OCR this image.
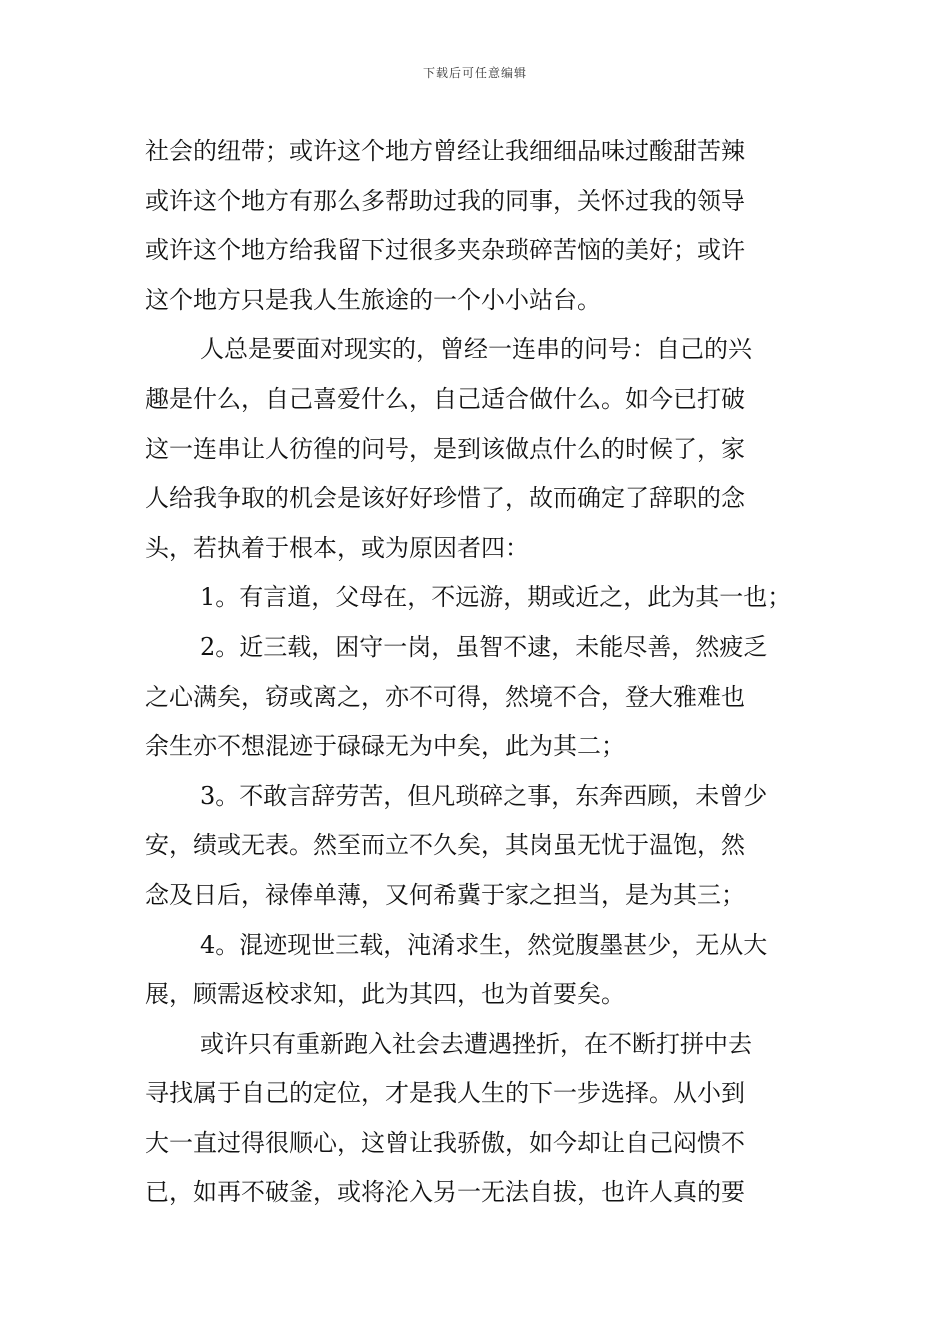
下载后可任意编辑
社会的纽带；或许这个地方曾经让我细细品味过酸甜苦辣
或许这个地方有那么多帮助过我的同事，关怀过我的领导
或许这个地方给我留下过很多夹杂琐碎苦恼的美好；或许
这个地方只是我人生旅途的一个小小站台。
人总是要面对现实的，曾经一连串的问号：自己的兴
趣是什么，自己喜爱什么，自己适合做什么。如今已打破
这一连串让人彷徨的问号，是到该做点什么的时候了，家
人给我争取的机会是该好好珍惜了，故而确定了辞职的念
头，若执着于根本，或为原因者四：
1。有言道，父母在，不远游，期或近之，此为其一也；
2。近三载，困守一岗，虽智不逮，未能尽善，然疲乏
之心满矣，窃或离之，亦不可得，然境不合，登大雅难也
余生亦不想混迹于碌碌无为中矣，此为其二；
3。不敢言辞劳苦，但凡琐碎之事，东奔西顾，未曾少
安，绩或无表。然至而立不久矣，其岗虽无忧于温饱，然
念及日后，禄俸单薄，又何希冀于家之担当，是为其三；
4。混迹现世三载，沌淆求生，然觉腹墨甚少，无从大
展，顾需返校求知，此为其四，也为首要矣。
或许只有重新跑入社会去遭遇挫折，在不断打拼中去
寻找属于自己的定位，才是我人生的下一步选择。从小到
大一直过得很顺心，这曾让我骄傲，如今却让自己闷愦不
已，如再不破釜，或将沦入另一无法自拔，也许人真的要
